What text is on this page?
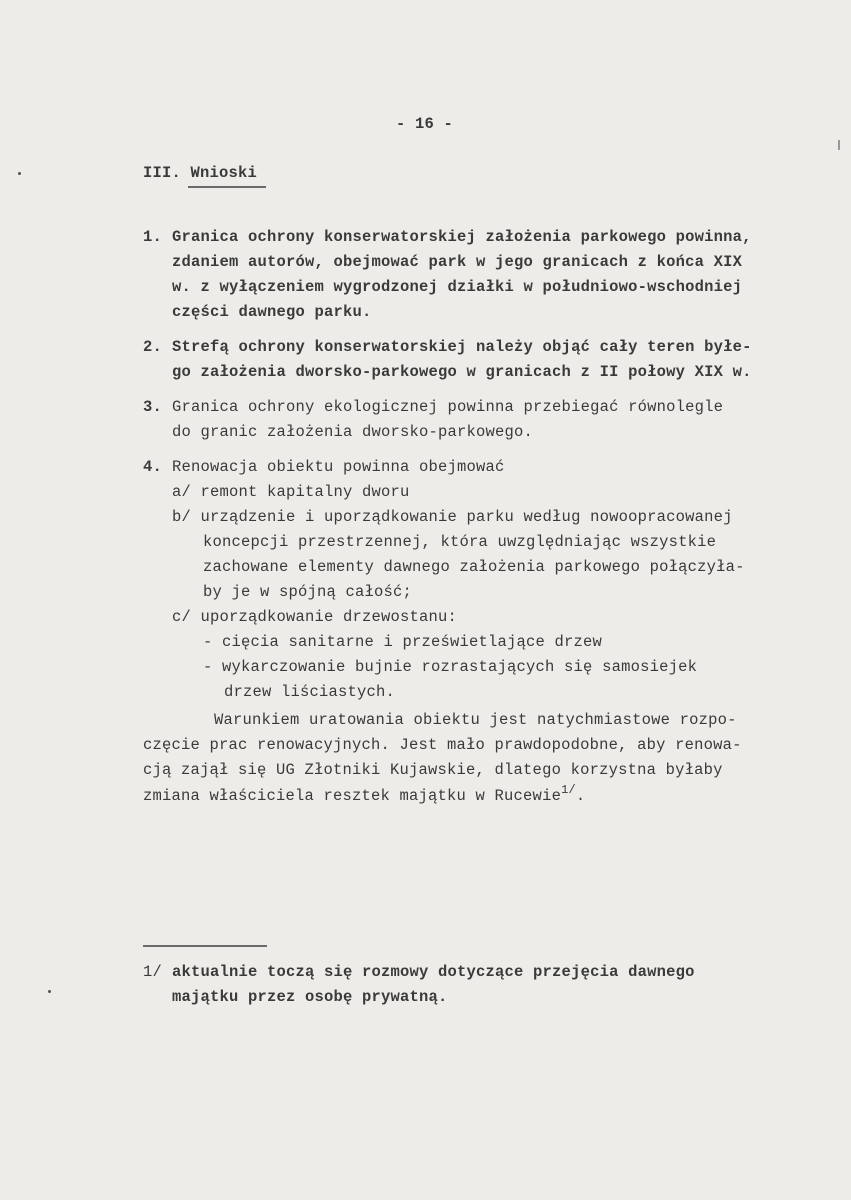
- 16 -
III. Wnioski
1. Granica ochrony konserwatorskiej założenia parkowego powinna,
zdaniem autorów, obejmować park w jego granicach z końca XIX
w. z wyłączeniem wygrodzonej działki w południowo-wschodniej
części dawnego parku.
2. Strefą ochrony konserwatorskiej należy objąć cały teren byłe-
go założenia dworsko-parkowego w granicach z II połowy XIX w.
3. Granica ochrony ekologicznej powinna przebiegać równolegle
do granic założenia dworsko-parkowego.
4. Renowacja obiektu powinna obejmować
a/ remont kapitalny dworu
b/ urządzenie i uporządkowanie parku według nowoopracowanej
koncepcji przestrzennej, która uwzględniając wszystkie
zachowane elementy dawnego założenia parkowego połączyła-
by je w spójną całość;
c/ uporządkowanie drzewostanu:
- cięcia sanitarne i prześwietlające drzew
- wykarczowanie bujnie rozrastających się samosiejek
drzew liściastych.
Warunkiem uratowania obiektu jest natychmiastowe rozpo-
częcie prac renowacyjnych. Jest mało prawdopodobne, aby renowa-
cją zajął się UG Złotniki Kujawskie, dlatego korzystna byłaby
zmiana właściciela resztek majątku w Rucewie$^{1/}$.
1/ aktualnie toczą się rozmowy dotyczące przejęcia dawnego
majątku przez osobę prywatną.
